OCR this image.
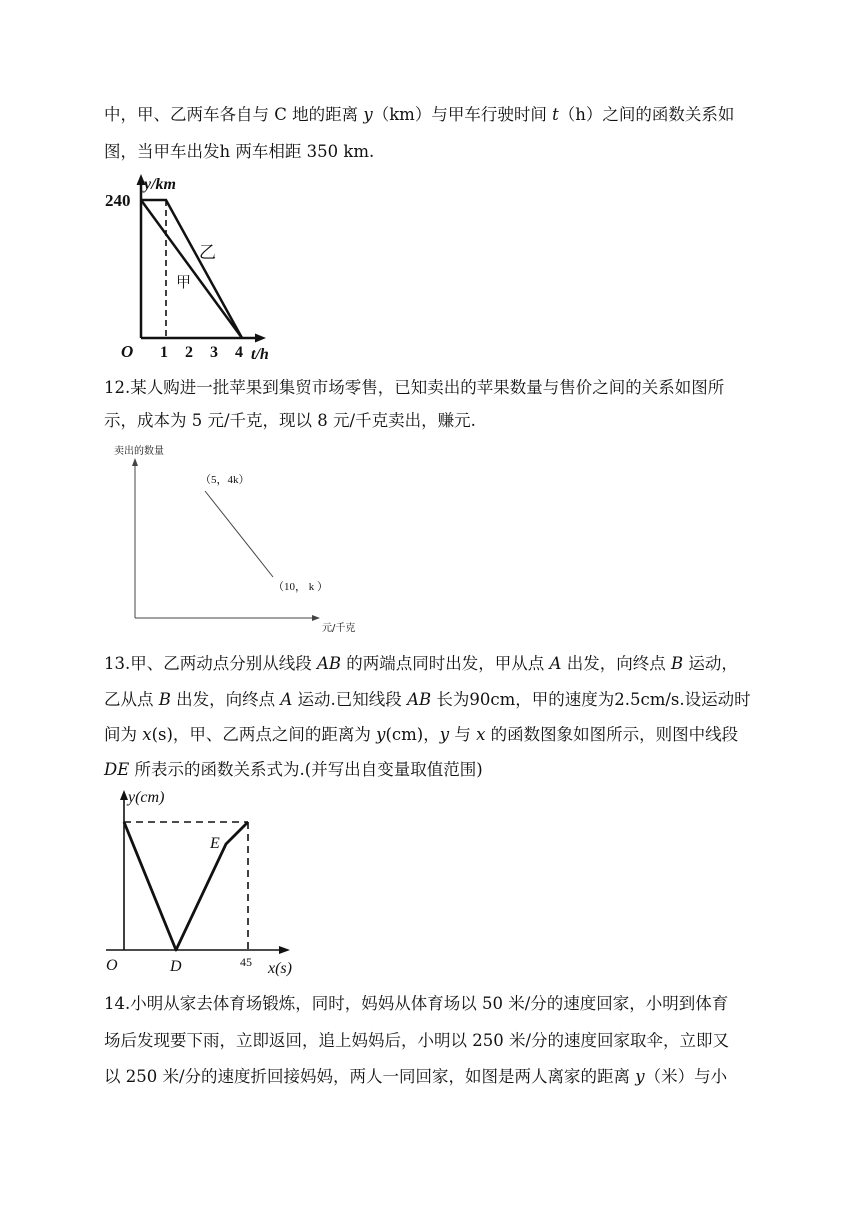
中，甲、乙两车各自与 C 地的距离 y（km）与甲车行驶时间 t（h）之间的函数关系如
图，当甲车出发h 两车相距 350 km.
y/km
240
O 1 2 3 4 t/h
乙
甲
12.某人购进一批苹果到集贸市场零售，已知卖出的苹果数量与售价之间的关系如图所
示，成本为 5 元/千克，现以 8 元/千克卖出，赚元.
卖出的数量
元/千克
（5，4k）
（10， k ）
13.甲、乙两动点分别从线段 AB 的两端点同时出发，甲从点 A 出发，向终点 B 运动，
乙从点 B 出发，向终点 A 运动.已知线段 AB 长为90cm，甲的速度为2.5cm/s.设运动时
间为 x(s)，甲、乙两点之间的距离为 y(cm)，y 与 x 的函数图象如图所示，则图中线段
DE 所表示的函数关系式为.(并写出自变量取值范围)
y(cm)
O	D
E
45 x(s)
14.小明从家去体育场锻炼，同时，妈妈从体育场以 50 米/分的速度回家，小明到体育
场后发现要下雨，立即返回，追上妈妈后，小明以 250 米/分的速度回家取伞，立即又
以 250 米/分的速度折回接妈妈，两人一同回家，如图是两人离家的距离 y（米）与小
